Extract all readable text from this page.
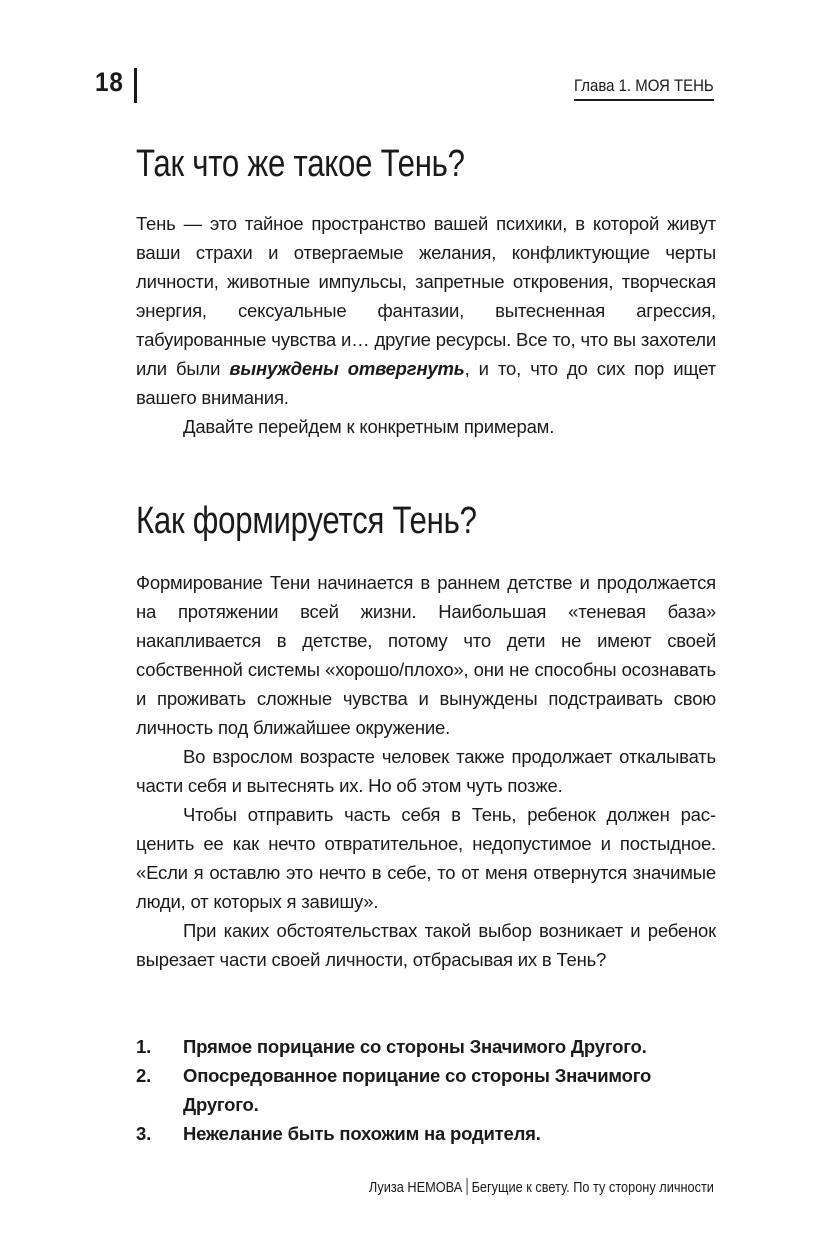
18	Глава 1. МОЯ ТЕНЬ
Так что же такое Тень?

Тень — это тайное пространство вашей психики, в которой живут ваши страхи и отвергаемые желания, конфликтующие черты личности, животные импульсы, запретные откровения, творческая энергия, сексуальные фантазии, вытесненная агрессия, табуированные чувства и… другие ресурсы. Все то, что вы захотели или были вынуждены отвергнуть, и то, что до сих пор ищет вашего внимания.

Давайте перейдем к конкретным примерам.

Как формируется Тень?

Формирование Тени начинается в раннем детстве и продолжается на протяжении всей жизни. Наибольшая «теневая база» накапливается в детстве, потому что дети не имеют своей собственной системы «хорошо/плохо», они не способны осознавать и проживать сложные чувства и вынуждены подстраивать свою личность под ближайшее окружение.

Во взрослом возрасте человек также продолжает откалывать части себя и вытеснять их. Но об этом чуть позже.

Чтобы отправить часть себя в Тень, ребенок должен расценить ее как нечто отвратительное, недопустимое и постыдное. «Если я оставлю это нечто в себе, то от меня отвернутся значимые люди, от которых я завишу».

При каких обстоятельствах такой выбор возникает и ребенок вырезает части своей личности, отбрасывая их в Тень?

1. Прямое порицание со стороны Значимого Другого.
2. Опосредованное порицание со стороны Значимого Другого.
3. Нежелание быть похожим на родителя.
Луиза НЕМОВА Бегущие к свету. По ту сторону личности
